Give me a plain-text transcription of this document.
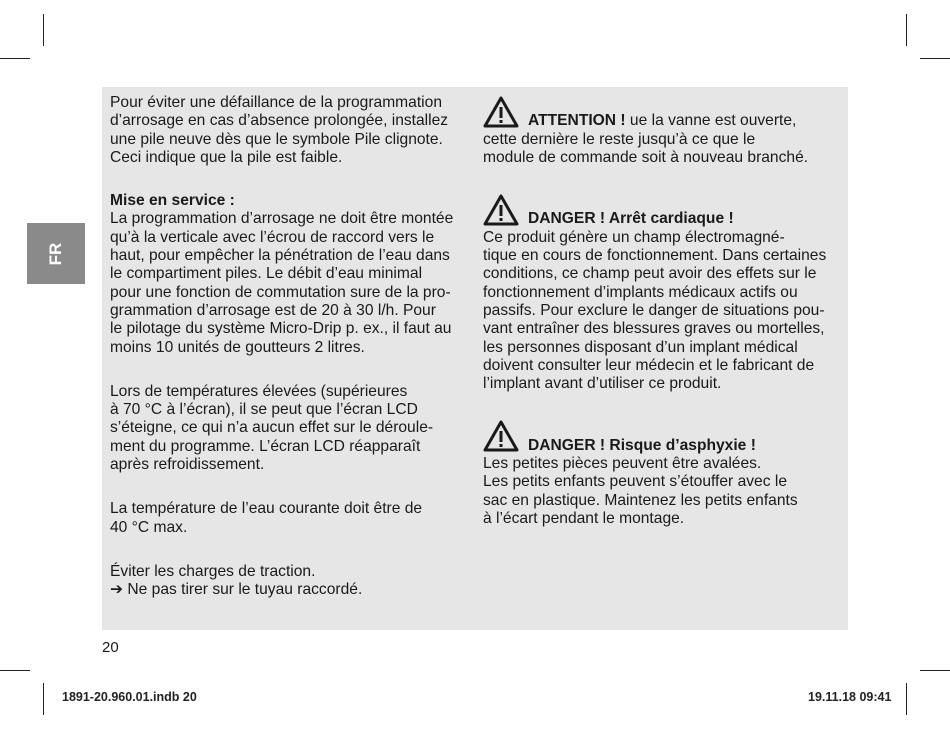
FR

Pour éviter une défaillance de la programmation
d’arrosage en cas d’absence prolongée, installez
une pile neuve dès que le symbole Pile clignote.
Ceci indique que la pile est faible.

Mise en service :

La programmation d’arrosage ne doit être montée
qu’à la verticale avec l’écrou de raccord vers le
haut, pour empêcher la pénétration de l’eau dans
le compartiment piles. Le débit d’eau minimal
pour une fonction de commutation sure de la pro-
grammation d’arrosage est de 20 à 30 l/h. Pour
le pilotage du système Micro-Drip p. ex., il faut au
moins 10 unités de goutteurs 2 litres.

Lors de températures élevées (supérieures
à 70 °C à l’écran), il se peut que l’écran LCD
s’éteigne, ce qui n’a aucun effet sur le déroule-
ment du programme. L’écran LCD réapparaît
après refroidissement.

La température de l’eau courante doit être de
40 °C max.

Éviter les charges de traction.
➔ Ne pas tirer sur le tuyau raccordé.

ATTENTION ! ue la vanne est ouverte,
cette dernière le reste jusqu’à ce que le
module de commande soit à nouveau branché.

DANGER ! Arrêt cardiaque !
Ce produit génère un champ électromagné-
tique en cours de fonctionnement. Dans certaines
conditions, ce champ peut avoir des effets sur le
fonctionnement d’implants médicaux actifs ou
passifs. Pour exclure le danger de situations pou-
vant entraîner des blessures graves ou mortelles,
les personnes disposant d’un implant médical
doivent consulter leur médecin et le fabricant de
l’implant avant d’utiliser ce produit.

DANGER ! Risque d’asphyxie !
Les petites pièces peuvent être avalées.
Les petits enfants peuvent s’étouffer avec le
sac en plastique. Maintenez les petits enfants
à l’écart pendant le montage.

20
1891-20.960.01.indb 20	19.11.18 09:41
